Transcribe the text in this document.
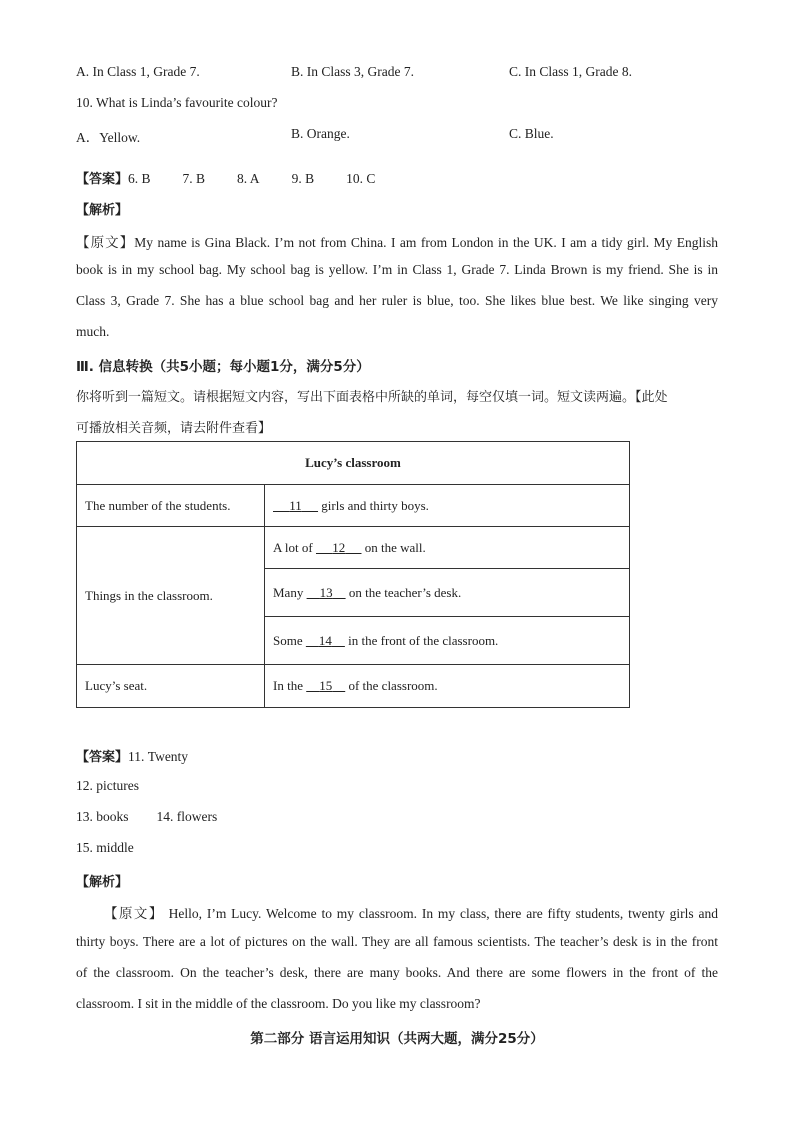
A. In Class 1, Grade 7.	B. In Class 3, Grade 7.	C. In Class 1, Grade 8.
10. What is Linda’s favourite colour?
A．Yellow.	B. Orange.	C. Blue.
【答案】6. B 7. B 8. A 9. B 10. C
【解析】
【原文】My name is Gina Black. I’m not from China. I am from London in the UK. I am a tidy girl. My English
book is in my school bag. My school bag is yellow. I’m in Class 1, Grade 7. Linda Brown is my friend. She is in
Class 3, Grade 7. She has a blue school bag and her ruler is blue, too. She likes blue best. We like singing very
much.
Ⅲ. 信息转换（共5小题；每小题1分，满分5分）
你将听到一篇短文。请根据短文内容，写出下面表格中所缺的单词，每空仅填一词。短文读两遍。【此处
可播放相关音频，请去附件查看】
Lucy’s classroom	
The number of the students.	11 girls and thirty boys.
Things in the classroom.	A lot of 12 on the wall.
	Many 13 on the teacher’s desk.
	Some 14 in the front of the classroom.
Lucy’s seat.	In the 15 of the classroom.
【答案】11. Twenty
12. pictures
13. books 14. flowers
15. middle
【解析】
【原文】 Hello, I’m Lucy. Welcome to my classroom. In my class, there are fifty students, twenty girls and
thirty boys. There are a lot of pictures on the wall. They are all famous scientists. The teacher’s desk is in the front
of the classroom. On the teacher’s desk, there are many books. And there are some flowers in the front of the
classroom. I sit in the middle of the classroom. Do you like my classroom?
第二部分 语言运用知识（共两大题，满分25分）
